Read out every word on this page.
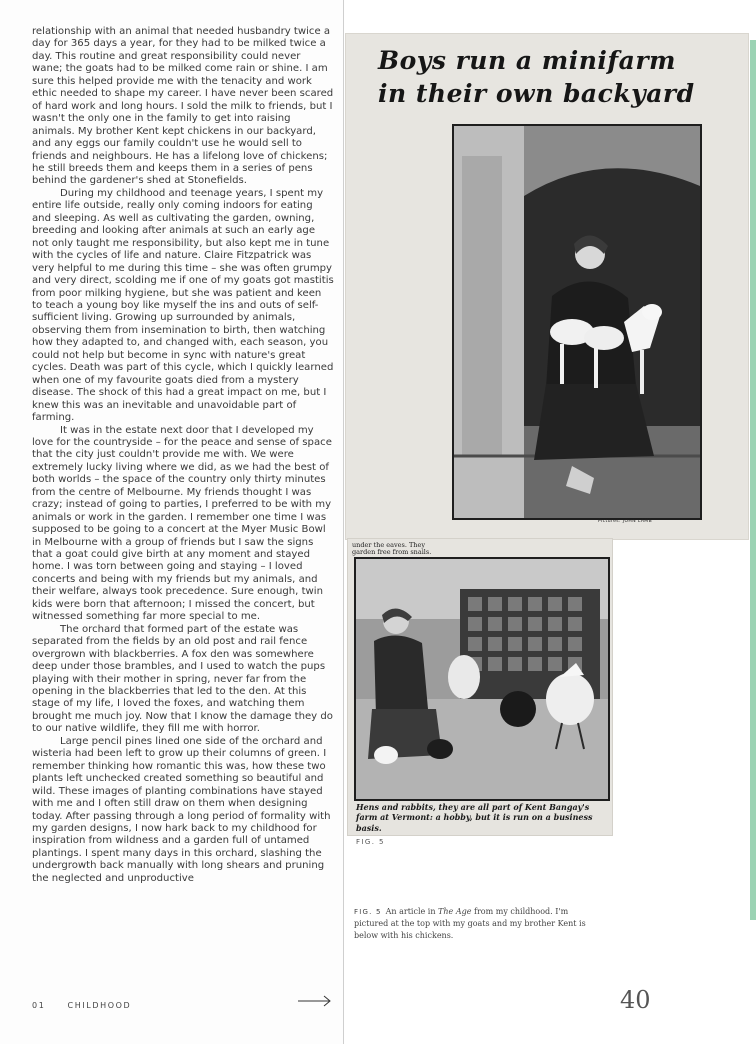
relationship with an animal that needed husbandry twice a day for 365 days a year, for they had to be milked twice a day. This routine and great responsibility could never wane; the goats had to be milked come rain or shine. I am sure this helped provide me with the tenacity and work ethic needed to shape my career. I have never been scared of hard work and long hours. I sold the milk to friends, but I wasn't the only one in the family to get into raising animals. My brother Kent kept chickens in our backyard, and any eggs our family couldn't use he would sell to friends and neighbours. He has a lifelong love of chickens; he still breeds them and keeps them in a series of pens behind the gardener's shed at Stonefields.

During my childhood and teenage years, I spent my entire life outside, really only coming indoors for eating and sleeping. As well as cultivating the garden, owning, breeding and looking after animals at such an early age not only taught me responsibility, but also kept me in tune with the cycles of life and nature. Claire Fitzpatrick was very helpful to me during this time – she was often grumpy and very direct, scolding me if one of my goats got mastitis from poor milking hygiene, but she was patient and keen to teach a young boy like myself the ins and outs of self-sufficient living. Growing up surrounded by animals, observing them from insemination to birth, then watching how they adapted to, and changed with, each season, you could not help but become in sync with nature's great cycles. Death was part of this cycle, which I quickly learned when one of my favourite goats died from a mystery disease. The shock of this had a great impact on me, but I knew this was an inevitable and unavoidable part of farming.

It was in the estate next door that I developed my love for the countryside – for the peace and sense of space that the city just couldn't provide me with. We were extremely lucky living where we did, as we had the best of both worlds – the space of the country only thirty minutes from the centre of Melbourne. My friends thought I was crazy; instead of going to parties, I preferred to be with my animals or work in the garden. I remember one time I was supposed to be going to a concert at the Myer Music Bowl in Melbourne with a group of friends but I saw the signs that a goat could give birth at any moment and stayed home. I was torn between going and staying – I loved concerts and being with my friends but my animals, and their welfare, always took precedence. Sure enough, twin kids were born that afternoon; I missed the concert, but witnessed something far more special to me.

The orchard that formed part of the estate was separated from the fields by an old post and rail fence overgrown with blackberries. A fox den was somewhere deep under those brambles, and I used to watch the pups playing with their mother in spring, never far from the opening in the blackberries that led to the den. At this stage of my life, I loved the foxes, and watching them brought me much joy. Now that I know the damage they do to our native wildlife, they fill me with horror.

Large pencil pines lined one side of the orchard and wisteria had been left to grow up their columns of green. I remember thinking how romantic this was, how these two plants left unchecked created something so beautiful and wild. These images of planting combinations have stayed with me and I often still draw on them when designing today. After passing through a long period of formality with my garden designs, I now hark back to my childhood for inspiration from wildness and a garden full of untamed plantings. I spent many days in this orchard, slashing the undergrowth back manually with long shears and pruning the neglected and unproductive

01	CHILDHOOD	40
Boys run a minifarm
in their own backyard
Pictures: JOHN LAMB
under the eaves. They
garden free from snails.
Hens and rabbits, they are all part of Kent Bangay's farm at Vermont: a hobby, but it is run on a business basis.
FIG. 5
FIG. 5 An article in The Age from my childhood. I'm pictured at the top with my goats and my brother Kent is below with his chickens.
